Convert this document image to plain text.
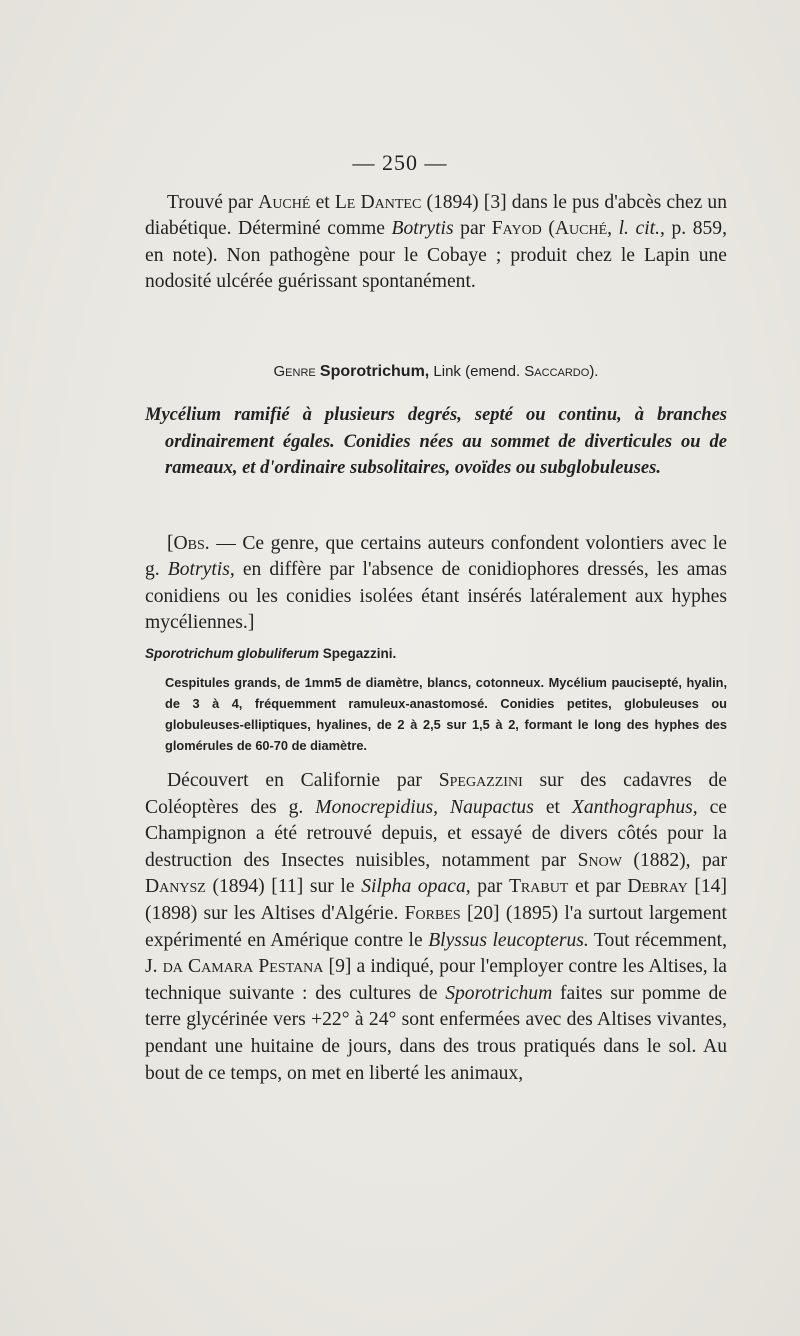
— 250 —

Trouvé par Auché et Le Dantec (1894) [3] dans le pus d'abcès chez un diabétique. Déterminé comme Botrytis par Fayod (Auché, l. cit., p. 859, en note). Non pathogène pour le Cobaye ; produit chez le Lapin une nodosité ulcérée guérissant spontanément.

Genre Sporotrichum, Link (emend. Saccardo).
Mycélium ramifié à plusieurs degrés, septé ou continu, à branches ordinairement égales. Conidies nées au sommet de diverticules ou de rameaux, et d'ordinaire subsolitaires, ovoïdes ou subglobuleuses.

[Obs. — Ce genre, que certains auteurs confondent volontiers avec le g. Botrytis, en diffère par l'absence de conidiophores dressés, les amas conidiens ou les conidies isolées étant insérés latéralement aux hyphes mycéliennes.]

Sporotrichum globuliferum Spegazzini.

Cespitules grands, de 1mm5 de diamètre, blancs, cotonneux. Mycélium paucisepté, hyalin, de 3 à 4, fréquemment ramuleux-anastomosé. Conidies petites, globuleuses ou globuleuses-elliptiques, hyalines, de 2 à 2,5 sur 1,5 à 2, formant le long des hyphes des glomérules de 60-70 de diamètre.

Découvert en Californie par Spegazzini sur des cadavres de Coléoptères des g. Monocrepidius, Naupactus et Xanthographus, ce Champignon a été retrouvé depuis, et essayé de divers côtés pour la destruction des Insectes nuisibles, notamment par Snow (1882), par Danysz (1894) [11] sur le Silpha opaca, par Trabut et par Debray [14] (1898) sur les Altises d'Algérie. Forbes [20] (1895) l'a surtout largement expérimenté en Amérique contre le Blyssus leucopterus. Tout récemment, J. da Camara Pestana [9] a indiqué, pour l'employer contre les Altises, la technique suivante : des cultures de Sporotrichum faites sur pomme de terre glycérinée vers +22° à 24° sont enfermées avec des Altises vivantes, pendant une huitaine de jours, dans des trous pratiqués dans le sol. Au bout de ce temps, on met en liberté les animaux,
